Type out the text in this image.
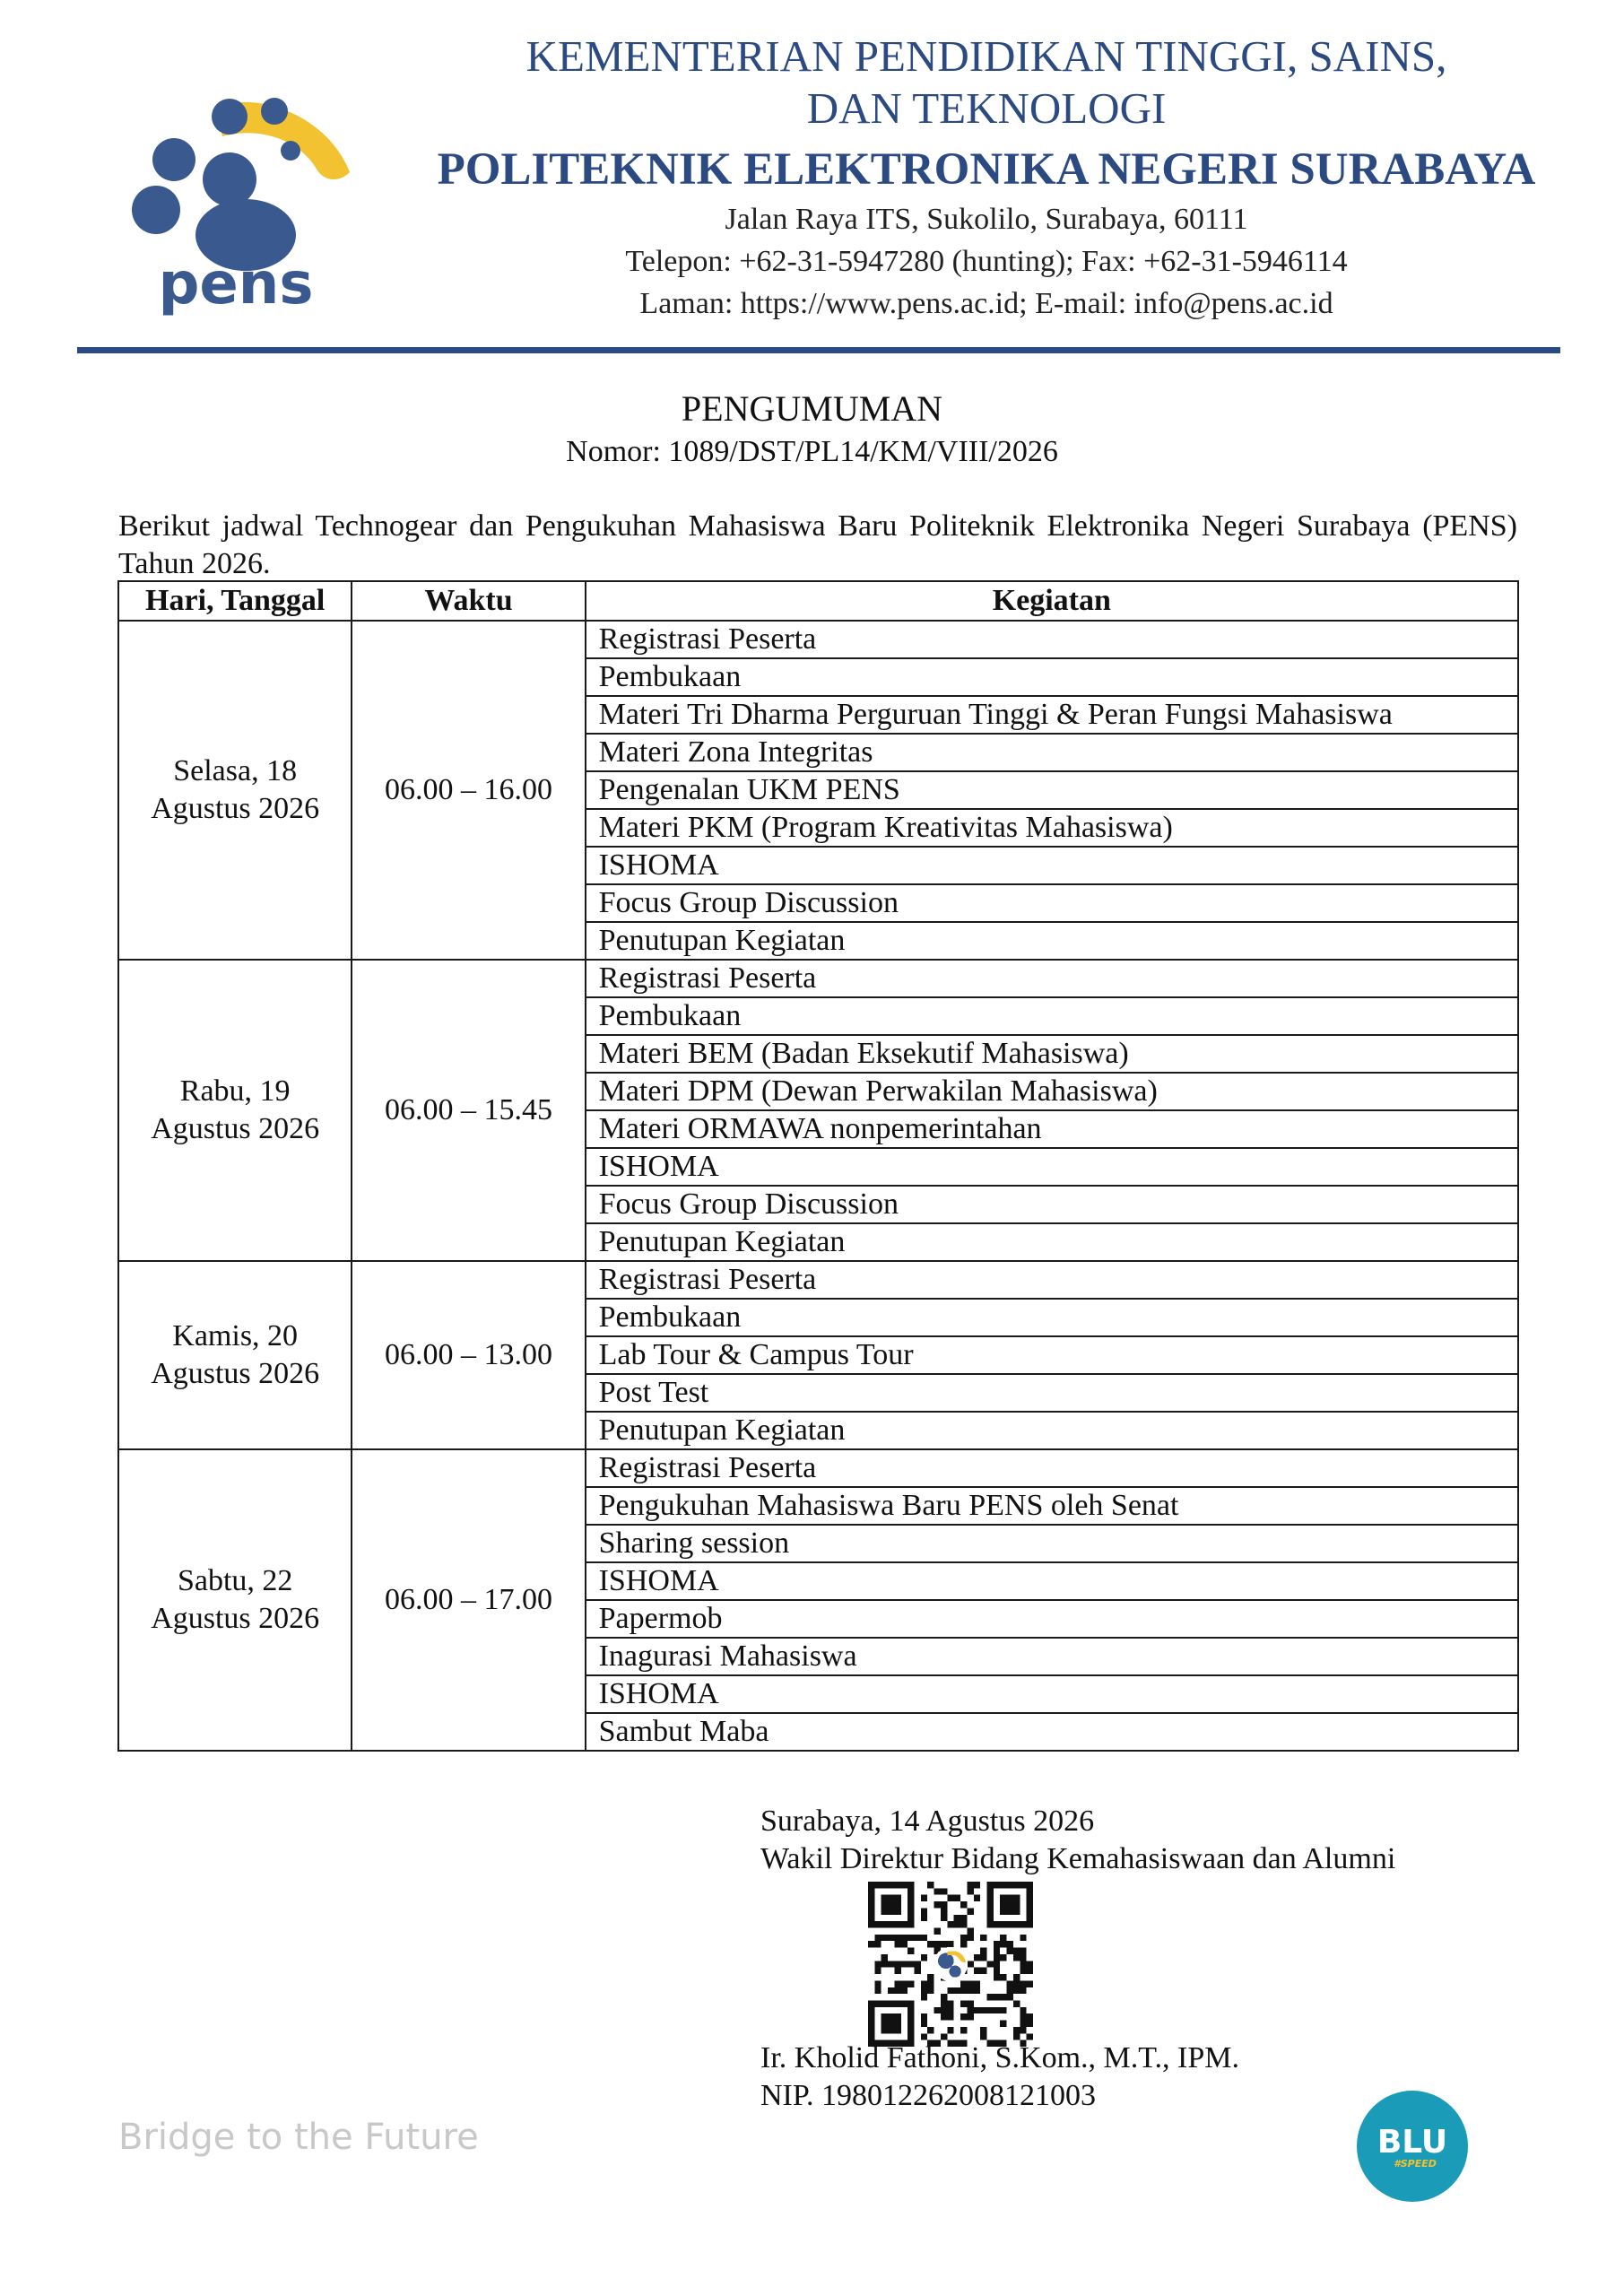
pens
KEMENTERIAN PENDIDIKAN TINGGI, SAINS,
DAN TEKNOLOGI
POLITEKNIK ELEKTRONIKA NEGERI SURABAYA
Jalan Raya ITS, Sukolilo, Surabaya, 60111
Telepon: +62-31-5947280 (hunting); Fax: +62-31-5946114
Laman: https://www.pens.ac.id; E-mail: info@pens.ac.id
PENGUMUMAN
Nomor: 1089/DST/PL14/KM/VIII/2026
Berikut jadwal Technogear dan Pengukuhan Mahasiswa Baru Politeknik Elektronika Negeri Surabaya (PENS) Tahun 2026.
Hari, Tanggal	Waktu	Kegiatan

Selasa, 18
Agustus 2026	06.00 – 16.00	Registrasi Peserta
		Pembukaan
		Materi Tri Dharma Perguruan Tinggi & Peran Fungsi Mahasiswa
		Materi Zona Integritas
		Pengenalan UKM PENS
		Materi PKM (Program Kreativitas Mahasiswa)
		ISHOMA
		Focus Group Discussion
		Penutupan Kegiatan

Rabu, 19
Agustus 2026	06.00 – 15.45	Registrasi Peserta
		Pembukaan
		Materi BEM (Badan Eksekutif Mahasiswa)
		Materi DPM (Dewan Perwakilan Mahasiswa)
		Materi ORMAWA nonpemerintahan
		ISHOMA
		Focus Group Discussion
		Penutupan Kegiatan

Kamis, 20
Agustus 2026	06.00 – 13.00	Registrasi Peserta
		Pembukaan
		Lab Tour & Campus Tour
		Post Test
		Penutupan Kegiatan

Sabtu, 22
Agustus 2026	06.00 – 17.00	Registrasi Peserta
		Pengukuhan Mahasiswa Baru PENS oleh Senat
		Sharing session
		ISHOMA
		Papermob
		Inagurasi Mahasiswa
		ISHOMA
		Sambut Maba
Surabaya, 14 Agustus 2026
Wakil Direktur Bidang Kemahasiswaan dan Alumni
Ir. Kholid Fathoni, S.Kom., M.T., IPM.
NIP. 198012262008121003
Bridge to the Future	BLU
#SPEED
